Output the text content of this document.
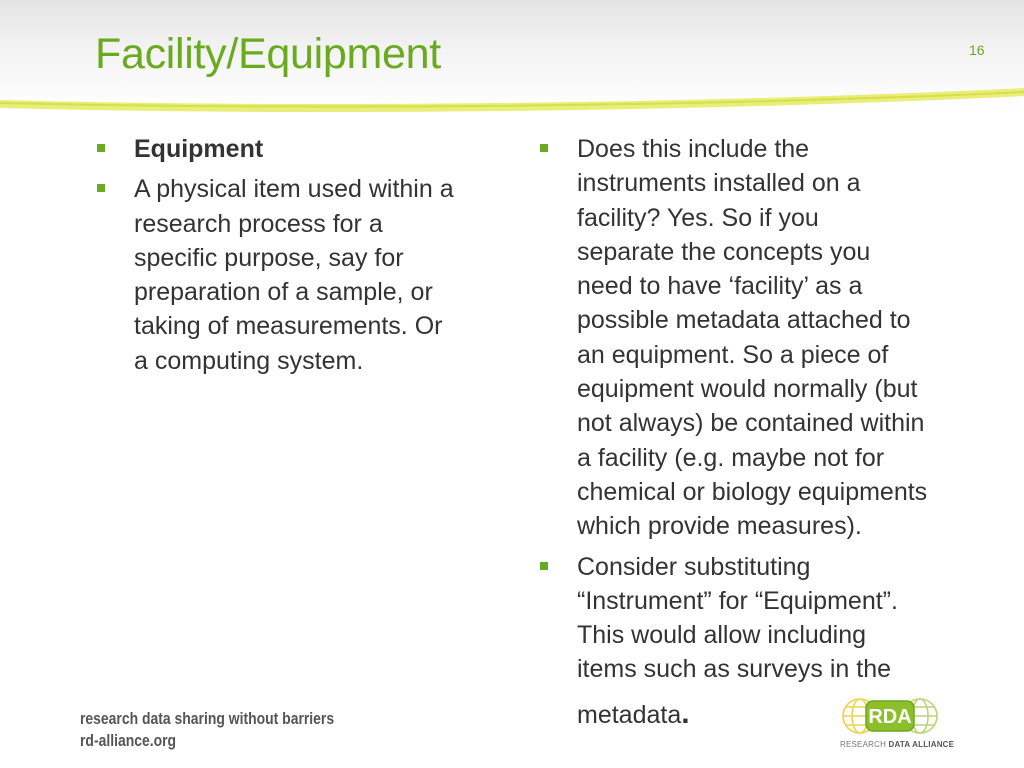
Facility/Equipment	16
Equipment
A physical item used within a
research process for a
specific purpose, say for
preparation of a sample, or
taking of measurements. Or
a computing system.
Does this include the
instruments installed on a
facility? Yes. So if you
separate the concepts you
need to have ‘facility’ as a
possible metadata attached to
an equipment. So a piece of
equipment would normally (but
not always) be contained within
a facility (e.g. maybe not for
chemical or biology equipments
which provide measures).
Consider substituting
“Instrument” for “Equipment”.
This would allow including
items such as surveys in the
metadata.
research data sharing without barriers
rd-alliance.org
RDA
RESEARCH DATA ALLIANCE
